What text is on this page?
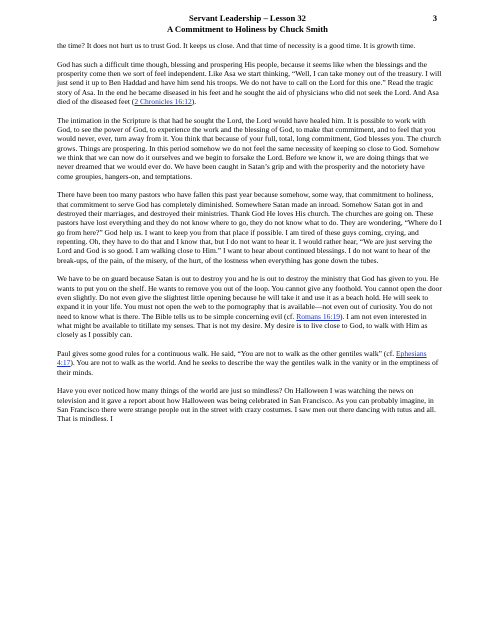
Servant Leadership – Lesson 32
A Commitment to Holiness by Chuck Smith
3

the time? It does not hurt us to trust God. It keeps us close. And that time of necessity is a good time. It is growth time.

God has such a difficult time though, blessing and prospering His people, because it seems like when the blessings and the prosperity come then we sort of feel independent. Like Asa we start thinking, “Well, I can take money out of the treasury. I will just send it up to Ben Haddad and have him send his troops. We do not have to call on the Lord for this one.” Read the tragic story of Asa. In the end he became diseased in his feet and he sought the aid of physicians who did not seek the Lord. And Asa died of the diseased feet (2 Chronicles 16:12).

The intimation in the Scripture is that had he sought the Lord, the Lord would have healed him. It is possible to work with God, to see the power of God, to experience the work and the blessing of God, to make that commitment, and to feel that you would never, ever, turn away from it. You think that because of your full, total, long commitment, God blesses you. The church grows. Things are prospering. In this period somehow we do not feel the same necessity of keeping so close to God. Somehow we think that we can now do it ourselves and we begin to forsake the Lord. Before we know it, we are doing things that we never dreamed that we would ever do. We have been caught in Satan’s grip and with the prosperity and the notoriety have come groupies, hangers-on, and temptations.

There have been too many pastors who have fallen this past year because somehow, some way, that commitment to holiness, that commitment to serve God has completely diminished. Somewhere Satan made an inroad. Somehow Satan got in and destroyed their marriages, and destroyed their ministries. Thank God He loves His church. The churches are going on. These pastors have lost everything and they do not know where to go, they do not know what to do. They are wondering, “Where do I go from here?” God help us. I want to keep you from that place if possible. I am tired of these guys coming, crying, and repenting. Oh, they have to do that and I know that, but I do not want to hear it. I would rather hear, “We are just serving the Lord and God is so good. I am walking close to Him.” I want to hear about continued blessings. I do not want to hear of the break-ups, of the pain, of the misery, of the hurt, of the lostness when everything has gone down the tubes.

We have to be on guard because Satan is out to destroy you and he is out to destroy the ministry that God has given to you. He wants to put you on the shelf. He wants to remove you out of the loop. You cannot give any foothold. You cannot open the door even slightly. Do not even give the slightest little opening because he will take it and use it as a beach hold. He will seek to expand it in your life. You must not open the web to the pornography that is available—not even out of curiosity. You do not need to know what is there. The Bible tells us to be simple concerning evil (cf. Romans 16:19). I am not even interested in what might be available to titillate my senses. That is not my desire. My desire is to live close to God, to walk with Him as closely as I possibly can.

Paul gives some good rules for a continuous walk. He said, “You are not to walk as the other gentiles walk” (cf. Ephesians 4:17). You are not to walk as the world. And he seeks to describe the way the gentiles walk in the vanity or in the emptiness of their minds.

Have you ever noticed how many things of the world are just so mindless? On Halloween I was watching the news on television and it gave a report about how Halloween was being celebrated in San Francisco. As you can probably imagine, in San Francisco there were strange people out in the street with crazy costumes. I saw men out there dancing with tutus and all. That is mindless. I
